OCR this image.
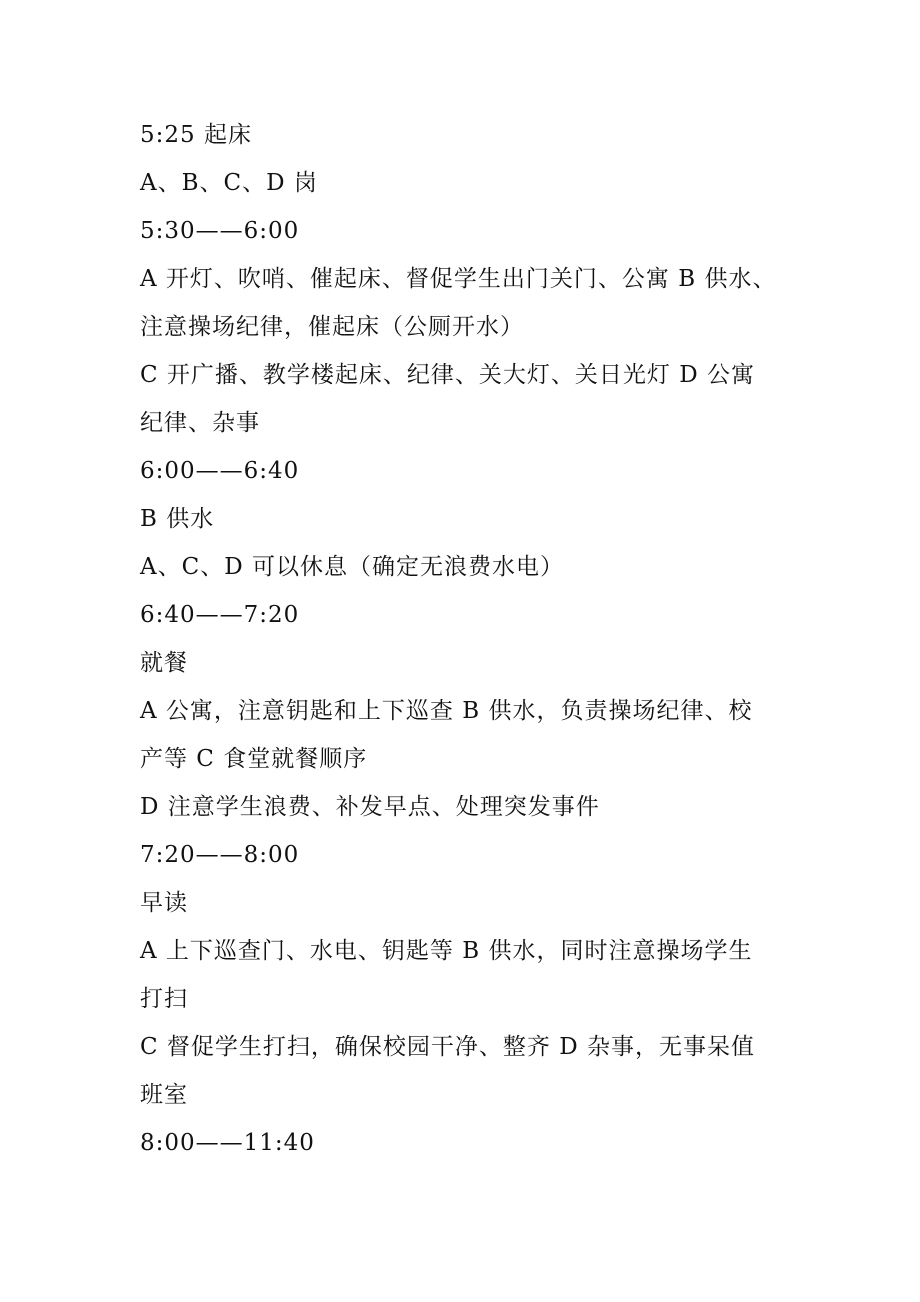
5:25 起床
A、B、C、D 岗
5:30——6:00
A 开灯、吹哨、催起床、督促学生出门关门、公寓 B 供水、
注意操场纪律，催起床（公厕开水）
C 开广播、教学楼起床、纪律、关大灯、关日光灯 D 公寓
纪律、杂事
6:00——6:40
B 供水
A、C、D 可以休息（确定无浪费水电）
6:40——7:20
就餐
A 公寓，注意钥匙和上下巡查 B 供水，负责操场纪律、校
产等 C 食堂就餐顺序
D 注意学生浪费、补发早点、处理突发事件
7:20——8:00
早读
A 上下巡查门、水电、钥匙等 B 供水，同时注意操场学生
打扫
C 督促学生打扫，确保校园干净、整齐 D 杂事，无事呆值
班室
8:00——11:40
